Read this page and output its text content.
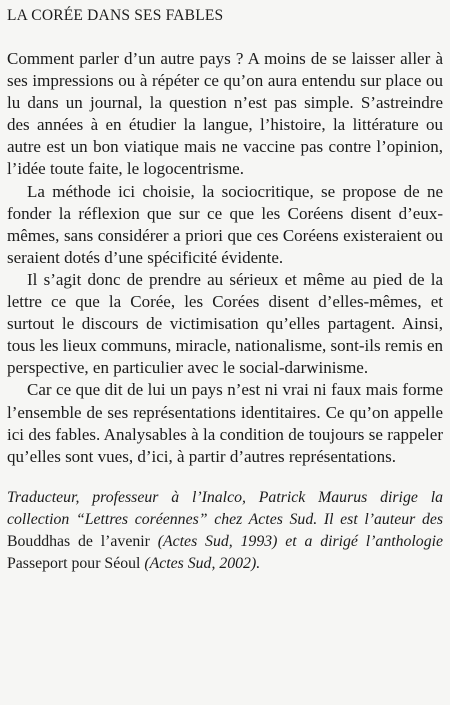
LA CORÉE DANS SES FABLES

Comment parler d’un autre pays ? A moins de se laisser aller à ses impressions ou à répéter ce qu’on aura entendu sur place ou lu dans un journal, la question n’est pas simple. S’astreindre des années à en étudier la langue, l’histoire, la littérature ou autre est un bon viatique mais ne vaccine pas contre l’opinion, l’idée toute faite, le logocentrisme.

La méthode ici choisie, la sociocritique, se propose de ne fonder la réflexion que sur ce que les Coréens disent d’eux-mêmes, sans considérer a priori que ces Coréens existeraient ou seraient dotés d’une spécificité évidente.

Il s’agit donc de prendre au sérieux et même au pied de la lettre ce que la Corée, les Corées disent d’elles-mêmes, et surtout le discours de victimisation qu’elles partagent. Ainsi, tous les lieux communs, miracle, nationalisme, sont-ils remis en perspective, en particulier avec le social-darwinisme.

Car ce que dit de lui un pays n’est ni vrai ni faux mais forme l’ensemble de ses représentations identitaires. Ce qu’on appelle ici des fables. Analysables à la condition de toujours se rappeler qu’elles sont vues, d’ici, à partir d’autres représentations.

Traducteur, professeur à l’Inalco, Patrick Maurus dirige la collection “Lettres coréennes” chez Actes Sud. Il est l’auteur des Bouddhas de l’avenir (Actes Sud, 1993) et a dirigé l’anthologie Passeport pour Séoul (Actes Sud, 2002).
